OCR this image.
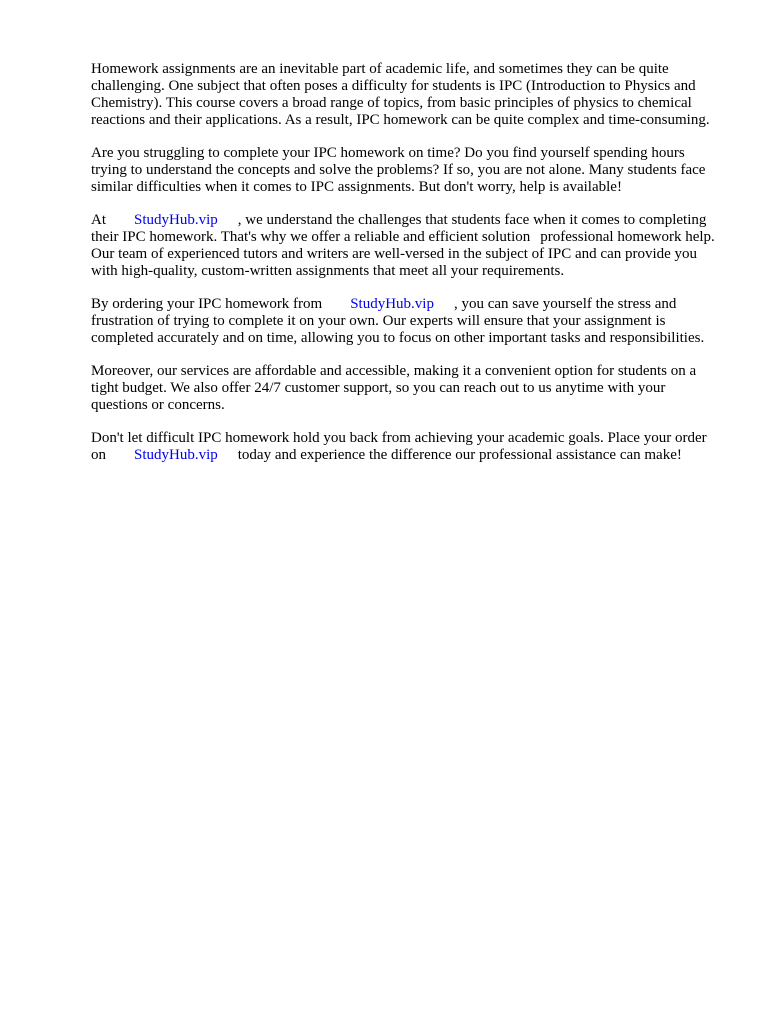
Homework assignments are an inevitable part of academic life, and sometimes they can be quite challenging. One subject that often poses a difficulty for students is IPC (Introduction to Physics and Chemistry). This course covers a broad range of topics, from basic principles of physics to chemical reactions and their applications. As a result, IPC homework can be quite complex and time-consuming.

Are you struggling to complete your IPC homework on time? Do you find yourself spending hours trying to understand the concepts and solve the problems? If so, you are not alone. Many students face similar difficulties when it comes to IPC assignments. But don't worry, help is available!

At StudyHub.vip , we understand the challenges that students face when it comes to completing their IPC homework. That's why we offer a reliable and efficient solution professional homework help. Our team of experienced tutors and writers are well-versed in the subject of IPC and can provide you with high-quality, custom-written assignments that meet all your requirements.

By ordering your IPC homework from StudyHub.vip , you can save yourself the stress and frustration of trying to complete it on your own. Our experts will ensure that your assignment is completed accurately and on time, allowing you to focus on other important tasks and responsibilities.

Moreover, our services are affordable and accessible, making it a convenient option for students on a tight budget. We also offer 24/7 customer support, so you can reach out to us anytime with your questions or concerns.

Don't let difficult IPC homework hold you back from achieving your academic goals. Place your order on StudyHub.vip today and experience the difference our professional assistance can make!
